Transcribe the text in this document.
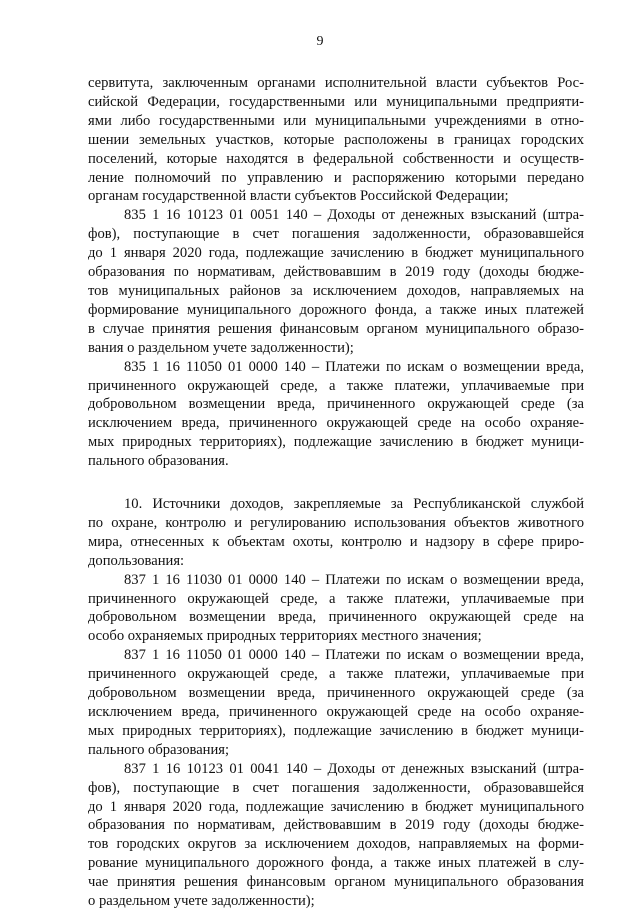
9
сервитута, заключенным органами исполнительной власти субъектов Рос-
сийской Федерации, государственными или муниципальными предприяти-
ями либо государственными или муниципальными учреждениями в отно-
шении земельных участков, которые расположены в границах городских
поселений, которые находятся в федеральной собственности и осуществ-
ление полномочий по управлению и распоряжению которыми передано
органам государственной власти субъектов Российской Федерации;
835 1 16 10123 01 0051 140 – Доходы от денежных взысканий (штра-
фов), поступающие в счет погашения задолженности, образовавшейся
до 1 января 2020 года, подлежащие зачислению в бюджет муниципального
образования по нормативам, действовавшим в 2019 году (доходы бюдже-
тов муниципальных районов за исключением доходов, направляемых на
формирование муниципального дорожного фонда, а также иных платежей
в случае принятия решения финансовым органом муниципального образо-
вания о раздельном учете задолженности);
835 1 16 11050 01 0000 140 – Платежи по искам о возмещении вреда,
причиненного окружающей среде, а также платежи, уплачиваемые при
добровольном возмещении вреда, причиненного окружающей среде (за
исключением вреда, причиненного окружающей среде на особо охраняе-
мых природных территориях), подлежащие зачислению в бюджет муници-
пального образования.
10. Источники доходов, закрепляемые за Республиканской службой
по охране, контролю и регулированию использования объектов животного
мира, отнесенных к объектам охоты, контролю и надзору в сфере приро-
допользования:
837 1 16 11030 01 0000 140 – Платежи по искам о возмещении вреда,
причиненного окружающей среде, а также платежи, уплачиваемые при
добровольном возмещении вреда, причиненного окружающей среде на
особо охраняемых природных территориях местного значения;
837 1 16 11050 01 0000 140 – Платежи по искам о возмещении вреда,
причиненного окружающей среде, а также платежи, уплачиваемые при
добровольном возмещении вреда, причиненного окружающей среде (за
исключением вреда, причиненного окружающей среде на особо охраняе-
мых природных территориях), подлежащие зачислению в бюджет муници-
пального образования;
837 1 16 10123 01 0041 140 – Доходы от денежных взысканий (штра-
фов), поступающие в счет погашения задолженности, образовавшейся
до 1 января 2020 года, подлежащие зачислению в бюджет муниципального
образования по нормативам, действовавшим в 2019 году (доходы бюдже-
тов городских округов за исключением доходов, направляемых на форми-
рование муниципального дорожного фонда, а также иных платежей в слу-
чае принятия решения финансовым органом муниципального образования
о раздельном учете задолженности);
